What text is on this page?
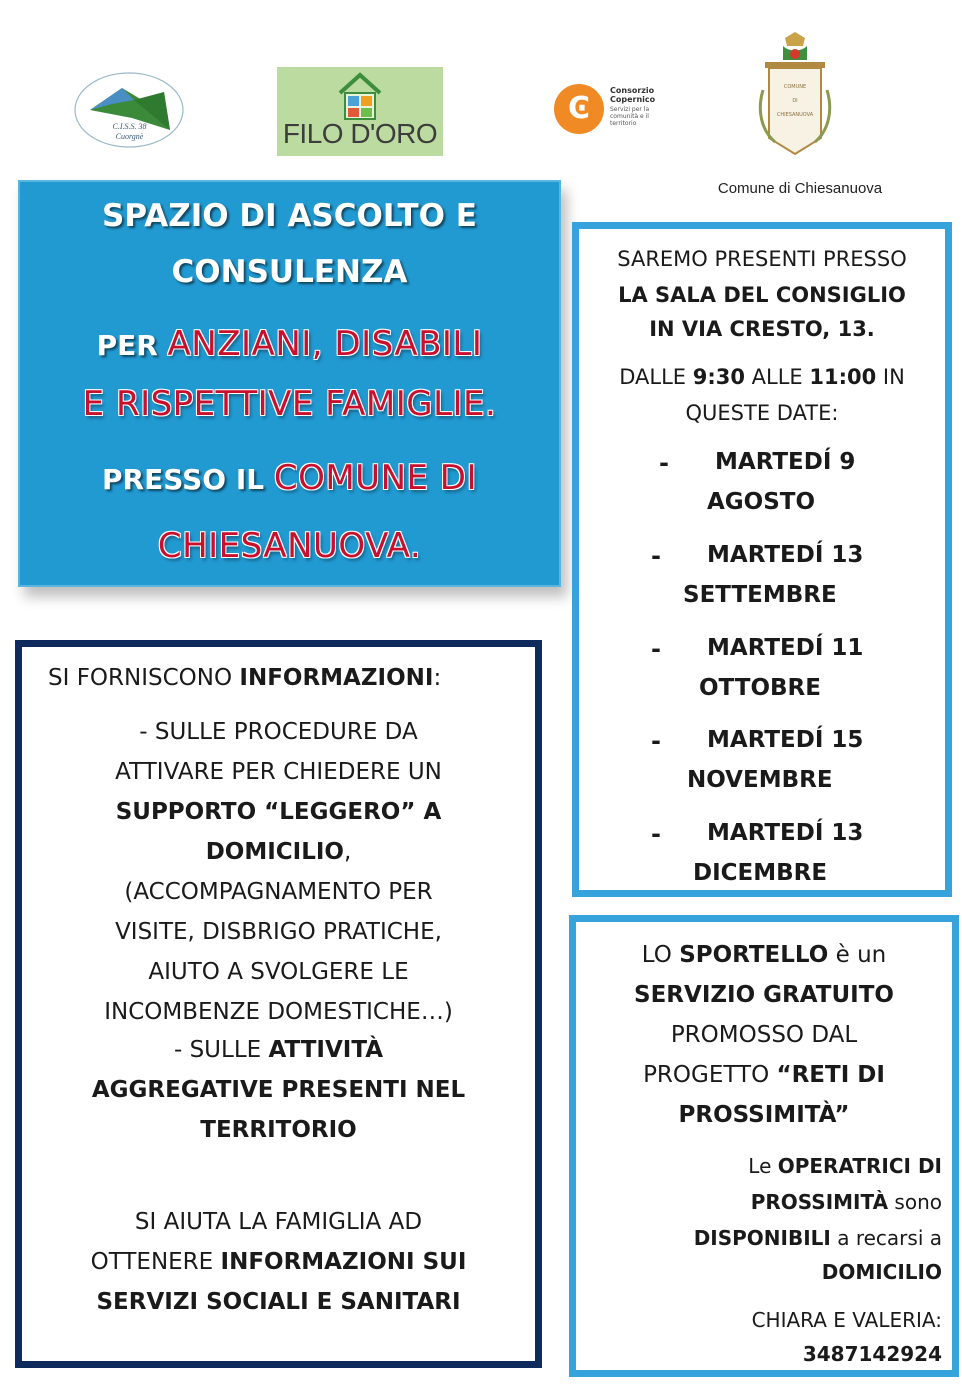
C.I.S.S. 38
Cuorgnè	FILO D'ORO
Ͼ
Consorzio
Copernico
Servizi per la comunità e il territorio
COMUNE
DI
CHIESANUOVA
Comune di Chiesanuova
SPAZIO DI ASCOLTO E
CONSULENZA
PER ANZIANI, DISABILI
E RISPETTIVE FAMIGLIE.
PRESSO IL COMUNE DI
CHIESANUOVA.
SAREMO PRESENTI PRESSO
LA SALA DEL CONSIGLIO
IN VIA CRESTO, 13.
DALLE 9:30 ALLE 11:00 IN
QUESTE DATE:
- MARTEDÍ 9
AGOSTO
- MARTEDÍ 13
SETTEMBRE
- MARTEDÍ 11
OTTOBRE
- MARTEDÍ 15
NOVEMBRE
- MARTEDÍ 13
DICEMBRE
SI FORNISCONO INFORMAZIONI:
- SULLE PROCEDURE DA
ATTIVARE PER CHIEDERE UN
SUPPORTO “LEGGERO” A
DOMICILIO,
(ACCOMPAGNAMENTO PER
VISITE, DISBRIGO PRATICHE,
AIUTO A SVOLGERE LE
INCOMBENZE DOMESTICHE…)
- SULLE ATTIVITÀ
AGGREGATIVE PRESENTI NEL
TERRITORIO
SI AIUTA LA FAMIGLIA AD
OTTENERE INFORMAZIONI SUI
SERVIZI SOCIALI E SANITARI
LO SPORTELLO è un
SERVIZIO GRATUITO
PROMOSSO DAL
PROGETTO “RETI DI
PROSSIMITÀ”
Le OPERATRICI DI
PROSSIMITÀ sono
DISPONIBILI a recarsi a
DOMICILIO
CHIARA E VALERIA:
3487142924
